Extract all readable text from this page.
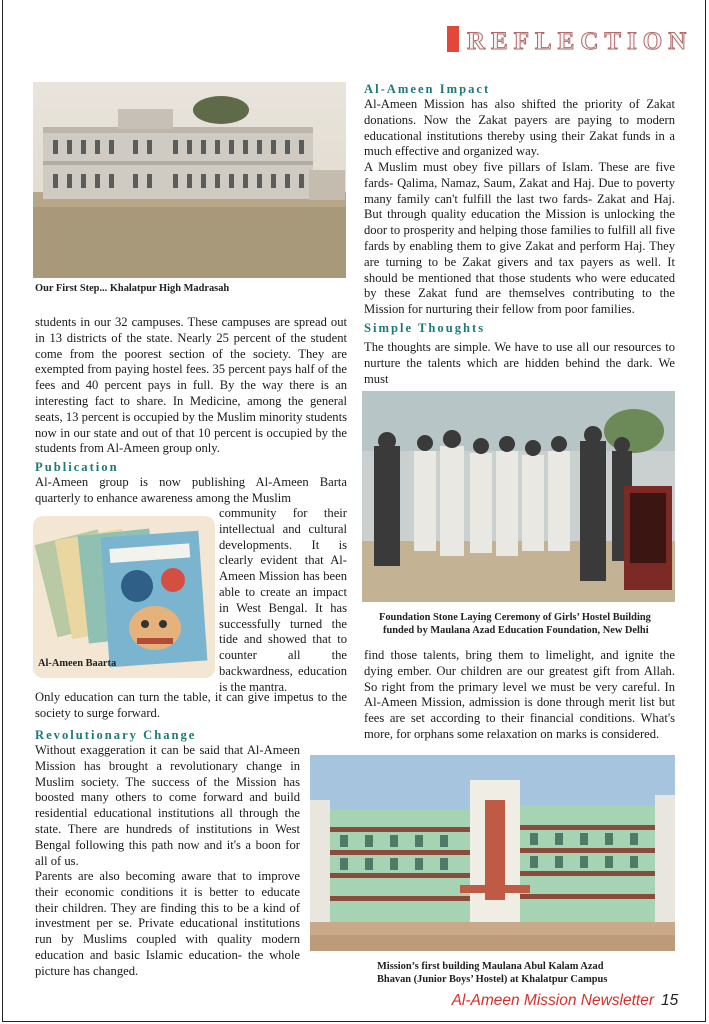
REFLECTION
Our First Step... Khalatpur High Madrasah
students in our 32 campuses. These campuses are spread out in 13 districts of the state. Nearly 25 percent of the student come from the poorest section of the society. They are exempted from paying hostel fees. 35 percent pays half of the fees and 40 percent pays in full. By the way there is an interesting fact to share. In Medicine, among the general seats, 13 percent is occupied by the Muslim minority students now in our state and out of that 10 percent is occupied by the students from Al-Ameen group only.
Publication
Al-Ameen group is now publishing Al-Ameen Barta quarterly to enhance awareness among the Muslim
Al-Ameen Baarta
community for their intellectual and cultural developments. It is clearly evident that Al-Ameen Mission has been able to create an impact in West Bengal. It has successfully turned the tide and showed that to counter all the backwardness, education is the mantra.
Only education can turn the table, it can give impetus to the society to surge forward.
Revolutionary Change
Without exaggeration it can be said that Al-Ameen Mission has brought a revolutionary change in Muslim society. The success of the Mission has boosted many others to come forward and build residential educational institutions all through the state. There are hundreds of institutions in West Bengal following this path now and it's a boon for all of us.
Parents are also becoming aware that to improve their economic conditions it is better to educate their children. They are finding this to be a kind of investment per se. Private educational institutions run by Muslims coupled with quality modern education and basic Islamic education- the whole picture has changed.
Al-Ameen Impact
Al-Ameen Mission has also shifted the priority of Zakat donations. Now the Zakat payers are paying to modern educational institutions thereby using their Zakat funds in a much effective and organized way.
A Muslim must obey five pillars of Islam. These are five fards- Qalima, Namaz, Saum, Zakat and Haj. Due to poverty many family can't fulfill the last two fards- Zakat and Haj. But through quality education the Mission is unlocking the door to prosperity and helping those families to fulfill all five fards by enabling them to give Zakat and perform Haj. They are turning to be Zakat givers and tax payers as well. It should be mentioned that those students who were educated by these Zakat fund are themselves contributing to the Mission for nurturing their fellow from poor families.
Simple Thoughts
The thoughts are simple. We have to use all our resources to nurture the talents which are hidden behind the dark. We must
Foundation Stone Laying Ceremony of Girls’ Hostel Building
funded by Maulana Azad Education Foundation, New Delhi
find those talents, bring them to limelight, and ignite the dying ember. Our children are our greatest gift from Allah. So right from the primary level we must be very careful. In Al-Ameen Mission, admission is done through merit list but fees are set according to their financial conditions. What's more, for orphans some relaxation on marks is considered.
Mission’s first building Maulana Abul Kalam Azad
Bhavan (Junior Boys’ Hostel) at Khalatpur Campus
Al-Ameen Mission Newsletter 15
